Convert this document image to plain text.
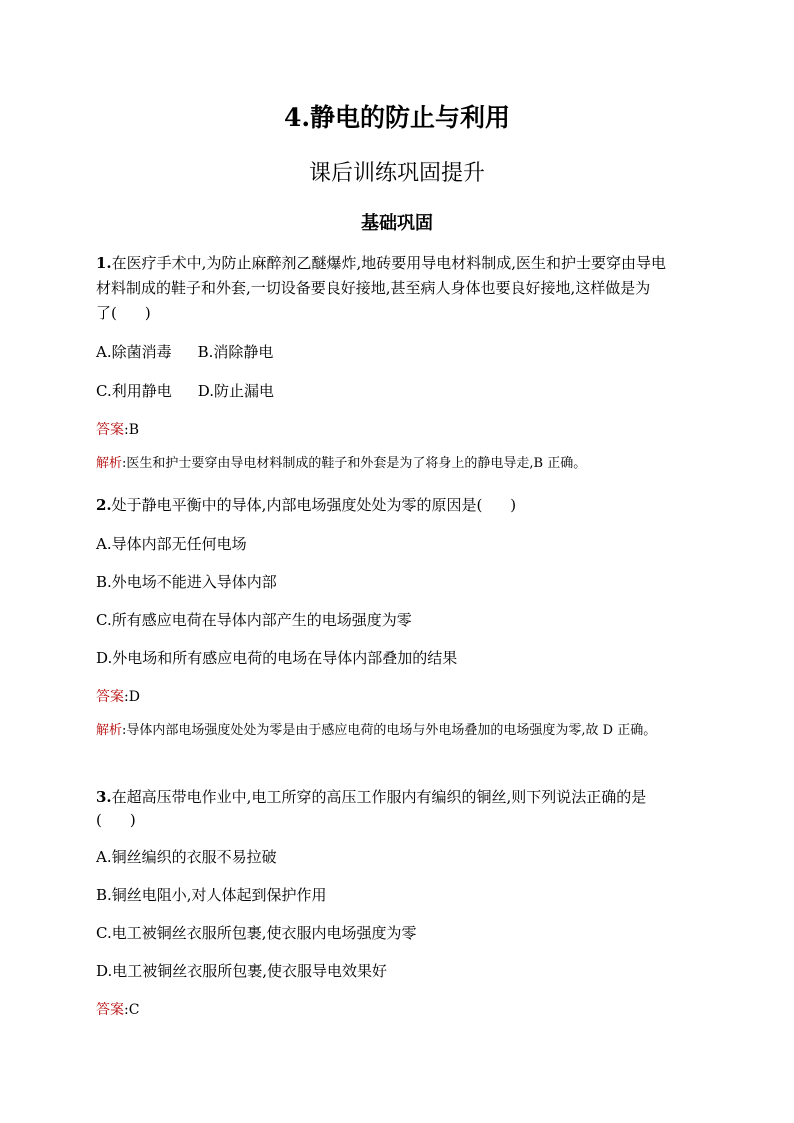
4.静电的防止与利用
课后训练巩固提升
基础巩固
1.在医疗手术中,为防止麻醉剂乙醚爆炸,地砖要用导电材料制成,医生和护士要穿由导电
材料制成的鞋子和外套,一切设备要良好接地,甚至病人身体也要良好接地,这样做是为
了( )
A.除菌消毒 B.消除静电
C.利用静电 D.防止漏电
答案:B
解析:医生和护士要穿由导电材料制成的鞋子和外套是为了将身上的静电导走,B 正确。
2.处于静电平衡中的导体,内部电场强度处处为零的原因是( )
A.导体内部无任何电场
B.外电场不能进入导体内部
C.所有感应电荷在导体内部产生的电场强度为零
D.外电场和所有感应电荷的电场在导体内部叠加的结果
答案:D
解析:导体内部电场强度处处为零是由于感应电荷的电场与外电场叠加的电场强度为零,故 D 正确。
3.在超高压带电作业中,电工所穿的高压工作服内有编织的铜丝,则下列说法正确的是
( )
A.铜丝编织的衣服不易拉破
B.铜丝电阻小,对人体起到保护作用
C.电工被铜丝衣服所包裹,使衣服内电场强度为零
D.电工被铜丝衣服所包裹,使衣服导电效果好
答案:C
